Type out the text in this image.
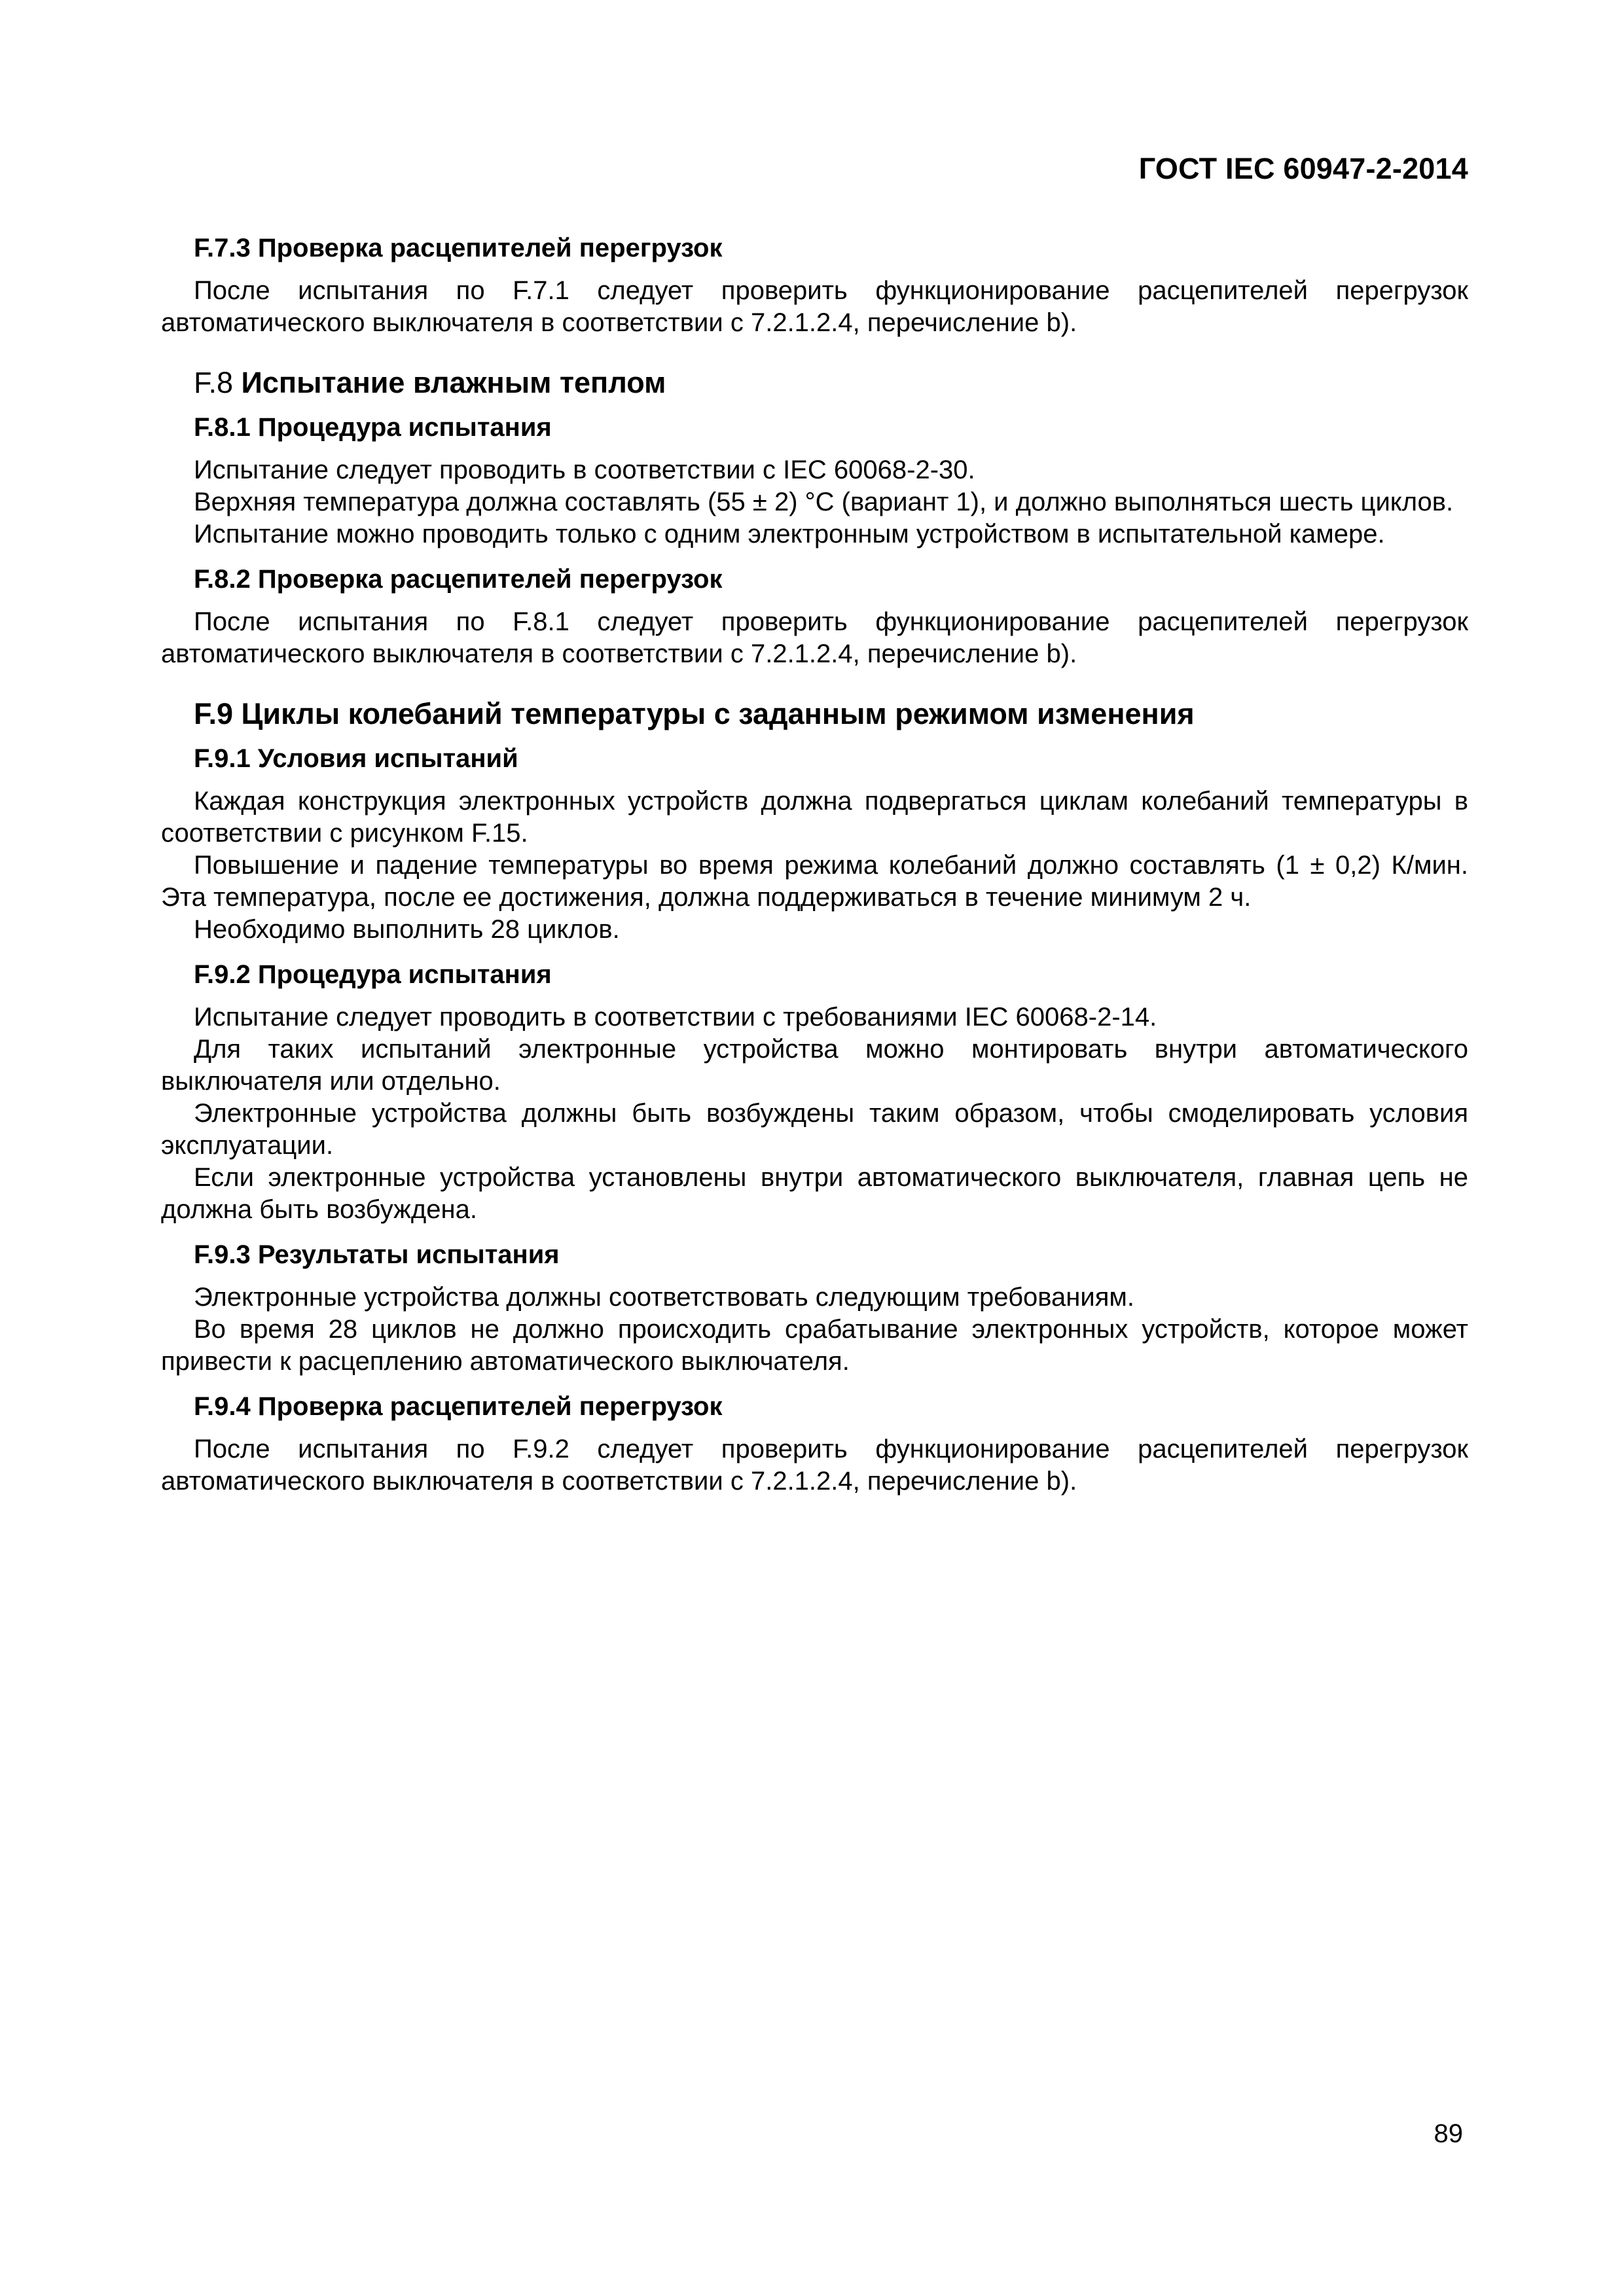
ГОСТ IEC 60947-2-2014
F.7.3 Проверка расцепителей перегрузок

После испытания по F.7.1 следует проверить функционирование расцепителей перегрузок автоматического выключателя в соответствии с 7.2.1.2.4, перечисление b).

F.8 Испытание влажным теплом
F.8.1 Процедура испытания

Испытание следует проводить в соответствии с IEC 60068-2-30.

Верхняя температура должна составлять (55 ± 2) °С (вариант 1), и должно выполняться шесть циклов.

Испытание можно проводить только с одним электронным устройством в испытательной камере.

F.8.2 Проверка расцепителей перегрузок

После испытания по F.8.1 следует проверить функционирование расцепителей перегрузок автоматического выключателя в соответствии с 7.2.1.2.4, перечисление b).

F.9 Циклы колебаний температуры с заданным режимом изменения
F.9.1 Условия испытаний

Каждая конструкция электронных устройств должна подвергаться циклам колебаний температуры в соответствии с рисунком F.15.

Повышение и падение температуры во время режима колебаний должно составлять (1 ± 0,2) К/мин. Эта температура, после ее достижения, должна поддерживаться в течение минимум 2 ч.

Необходимо выполнить 28 циклов.

F.9.2 Процедура испытания

Испытание следует проводить в соответствии с требованиями IEC 60068-2-14.

Для таких испытаний электронные устройства можно монтировать внутри автоматического выключателя или отдельно.

Электронные устройства должны быть возбуждены таким образом, чтобы смоделировать условия эксплуатации.

Если электронные устройства установлены внутри автоматического выключателя, главная цепь не должна быть возбуждена.

F.9.3 Результаты испытания

Электронные устройства должны соответствовать следующим требованиям.

Во время 28 циклов не должно происходить срабатывание электронных устройств, которое может привести к расцеплению автоматического выключателя.

F.9.4 Проверка расцепителей перегрузок

После испытания по F.9.2 следует проверить функционирование расцепителей перегрузок автоматического выключателя в соответствии с 7.2.1.2.4, перечисление b).

89
